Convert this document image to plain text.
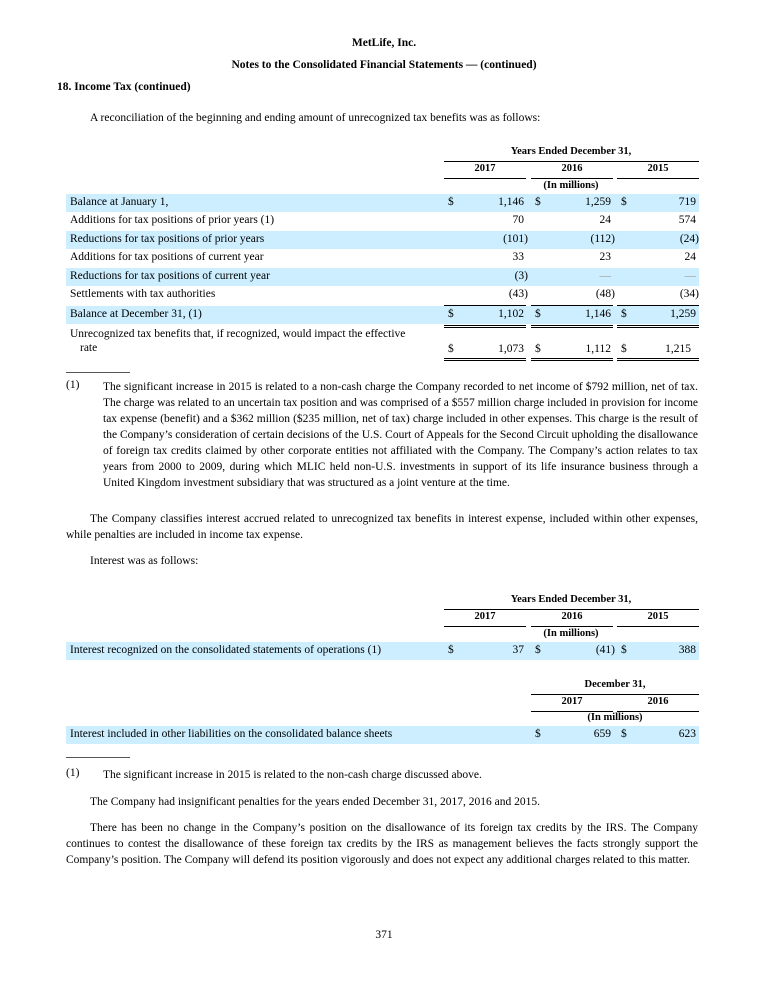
MetLife, Inc.
Notes to the Consolidated Financial Statements — (continued)
18. Income Tax (continued)
A reconciliation of the beginning and ending amount of unrecognized tax benefits was as follows:
Years Ended December 31,
2017	2016	2015
(In millions)
Balance at January 1,	$	1,146 $	1,259 $	719
Additions for tax positions of prior years (1)	70	24	574
Reductions for tax positions of prior years	(101)	(112)	(24)
Additions for tax positions of current year	33	23	24
Reductions for tax positions of current year	(3)	—	—
Settlements with tax authorities	(43)	(48)	(34)
Balance at December 31, (1)	$	1,102 $	1,146 $	1,259
Unrecognized tax benefits that, if recognized, would impact the effective
rate	$	1,073 $	1,112 $	1,215
(1) The significant increase in 2015 is related to a non-cash charge the Company recorded to net income of $792 million, net of tax. The charge was related to an uncertain tax position and was comprised of a $557 million charge included in provision for income tax expense (benefit) and a $362 million ($235 million, net of tax) charge included in other expenses. This charge is the result of the Company’s consideration of certain decisions of the U.S. Court of Appeals for the Second Circuit upholding the disallowance of foreign tax credits claimed by other corporate entities not affiliated with the Company. The Company’s action relates to tax years from 2000 to 2009, during which MLIC held non-U.S. investments in support of its life insurance business through a United Kingdom investment subsidiary that was structured as a joint venture at the time.
The Company classifies interest accrued related to unrecognized tax benefits in interest expense, included within other expenses, while penalties are included in income tax expense.
Interest was as follows:
Years Ended December 31,
2017	2016	2015
(In millions)
Interest recognized on the consolidated statements of operations (1)	$	37 $	(41) $	388
December 31,
2017	2016
(In millions)
Interest included in other liabilities on the consolidated balance sheets	$	659 $	623
(1) The significant increase in 2015 is related to the non-cash charge discussed above.
The Company had insignificant penalties for the years ended December 31, 2017, 2016 and 2015.
There has been no change in the Company’s position on the disallowance of its foreign tax credits by the IRS. The Company continues to contest the disallowance of these foreign tax credits by the IRS as management believes the facts strongly support the Company’s position. The Company will defend its position vigorously and does not expect any additional charges related to this matter.
371
